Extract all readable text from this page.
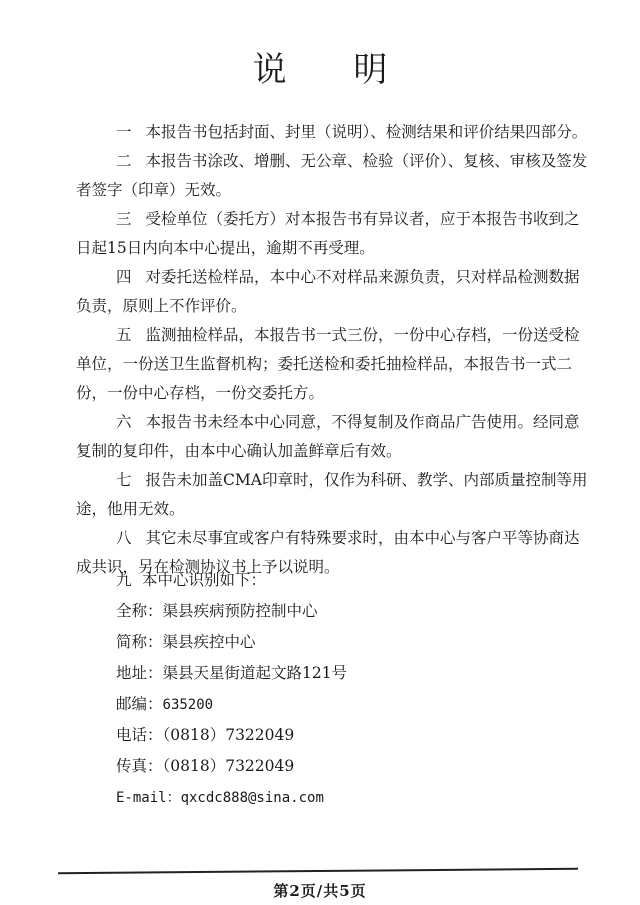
说 明

一 本报告书包括封面、封里（说明）、检测结果和评价结果四部分。

二 本报告书涂改、增删、无公章、检验（评价）、复核、审核及签发者签字（印章）无效。

三 受检单位（委托方）对本报告书有异议者，应于本报告书收到之日起15日内向本中心提出，逾期不再受理。

四 对委托送检样品，本中心不对样品来源负责，只对样品检测数据负责，原则上不作评价。

五 监测抽检样品，本报告书一式三份，一份中心存档，一份送受检单位，一份送卫生监督机构；委托送检和委托抽检样品，本报告书一式二份，一份中心存档，一份交委托方。

六 本报告书未经本中心同意，不得复制及作商品广告使用。经同意复制的复印件，由本中心确认加盖鲜章后有效。

七 报告未加盖CMA印章时，仅作为科研、教学、内部质量控制等用途，他用无效。

八 其它未尽事宜或客户有特殊要求时，由本中心与客户平等协商达成共识，另在检测协议书上予以说明。

九 本中心识别如下：
全称：渠县疾病预防控制中心
简称：渠县疾控中心
地址：渠县天星街道起文路121号
邮编：635200
电话：（0818）7322049
传真：（0818）7322049
E-mail：qxcdc888@sina.com
第2页/共5页
